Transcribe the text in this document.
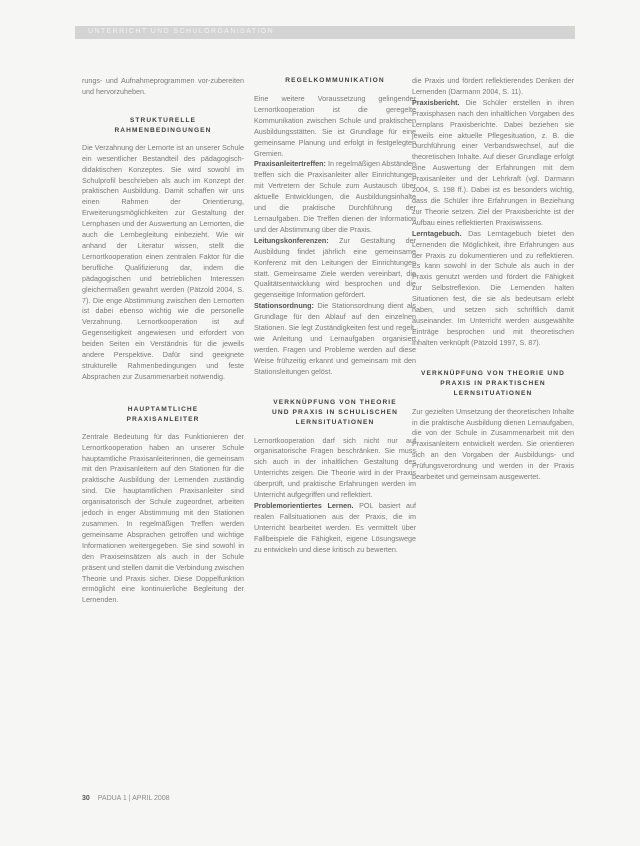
UNTERRICHT UND SCHULORGANISATION

rungs- und Aufnahmeprogrammen vor-zubereiten und hervorzuheben.

STRUKTURELLE RAHMENBEDINGUNGEN

Die Verzahnung der Lernorte ist an unserer Schule ein wesentlicher Bestandteil des pädagogisch-didaktischen Konzeptes. Sie wird sowohl im Schulprofil beschrieben als auch im Konzept der praktischen Ausbildung. Damit schaffen wir uns einen Rahmen der Orientierung, Erweiterungsmöglichkeiten zur Gestaltung der Lernphasen und der Auswertung an Lernorten, die auch die Lernbegleitung einbezieht. Wie wir anhand der Literatur wissen, stellt die Lernortkooperation einen zentralen Faktor für die berufliche Qualifizierung dar, indem die pädagogischen und betrieblichen Interessen gleichermaßen gewahrt werden (Pätzold 2004, S. 7). Die enge Abstimmung zwischen den Lernorten ist dabei ebenso wichtig wie die personelle Verzahnung. Lernortkooperation ist auf Gegenseitigkeit angewiesen und erfordert von beiden Seiten ein Verständnis für die jeweils andere Perspektive. Dafür sind geeignete strukturelle Rahmenbedingungen und feste Absprachen zur Zusammenarbeit notwendig.

HAUPTAMTLICHE PRAXISANLEITER

Zentrale Bedeutung für das Funktionieren der Lernortkooperation haben an unserer Schule hauptamtliche Praxisanleiterinnen, die gemeinsam mit den Praxisanleitern auf den Stationen für die praktische Ausbildung der Lernenden zuständig sind. Die hauptamtlichen Praxisanleiter sind organisatorisch der Schule zugeordnet, arbeiten jedoch in enger Abstimmung mit den Stationen zusammen. In regelmäßigen Treffen werden gemeinsame Absprachen getroffen und wichtige Informationen weitergegeben. Sie sind sowohl in den Praxiseinsätzen als auch in der Schule präsent und stellen damit die Verbindung zwischen Theorie und Praxis sicher. Diese Doppelfunktion ermöglicht eine kontinuierliche Begleitung der Lernenden.

REGELKOMMUNIKATION

Eine weitere Voraussetzung gelingender Lernortkooperation ist die geregelte Kommunikation zwischen Schule und praktischen Ausbildungsstätten. Sie ist Grundlage für eine gemeinsame Planung und erfolgt in festgelegten Gremien.

Praxisanleitertreffen: In regelmäßigen Abständen treffen sich die Praxisanleiter aller Einrichtungen mit Vertretern der Schule zum Austausch über aktuelle Entwicklungen, die Ausbildungsinhalte und die praktische Durchführung der Lernaufgaben. Die Treffen dienen der Information und der Abstimmung über die Praxis.

Leitungskonferenzen: Zur Gestaltung der Ausbildung findet jährlich eine gemeinsame Konferenz mit den Leitungen der Einrichtungen statt. Gemeinsame Ziele werden vereinbart, die Qualitätsentwicklung wird besprochen und die gegenseitige Information gefördert.

Stationsordnung: Die Stationsordnung dient als Grundlage für den Ablauf auf den einzelnen Stationen. Sie legt Zuständigkeiten fest und regelt, wie Anleitung und Lernaufgaben organisiert werden. Fragen und Probleme werden auf diese Weise frühzeitig erkannt und gemeinsam mit den Stationsleitungen gelöst.

VERKNÜPFUNG VON THEORIE UND PRAXIS IN SCHULISCHEN LERNSITUATIONEN

Lernortkooperation darf sich nicht nur auf organisatorische Fragen beschränken. Sie muss sich auch in der inhaltlichen Gestaltung des Unterrichts zeigen. Die Theorie wird in der Praxis überprüft, und praktische Erfahrungen werden im Unterricht aufgegriffen und reflektiert.

Problemorientiertes Lernen. POL basiert auf realen Fallsituationen aus der Praxis, die im Unterricht bearbeitet werden. Es vermittelt über Fallbeispiele die Fähigkeit, eigene Lösungswege zu entwickeln und diese kritisch zu bewerten.

die Praxis und fördert reflektierendes Denken der Lernenden (Darmann 2004, S. 11).

Praxisbericht. Die Schüler erstellen in ihren Praxisphasen nach den inhaltlichen Vorgaben des Lernplans Praxisberichte. Dabei beziehen sie jeweils eine aktuelle Pflegesituation, z. B. die Durchführung einer Verbandswechsel, auf die theoretischen Inhalte. Auf dieser Grundlage erfolgt eine Auswertung der Erfahrungen mit dem Praxisanleiter und der Lehrkraft (vgl. Darmann 2004, S. 198 ff.). Dabei ist es besonders wichtig, dass die Schüler ihre Erfahrungen in Beziehung zur Theorie setzen. Ziel der Praxisberichte ist der Aufbau eines reflektierten Praxiswissens.

Lerntagebuch. Das Lerntagebuch bietet den Lernenden die Möglichkeit, ihre Erfahrungen aus der Praxis zu dokumentieren und zu reflektieren. Es kann sowohl in der Schule als auch in der Praxis genutzt werden und fördert die Fähigkeit zur Selbstreflexion. Die Lernenden halten Situationen fest, die sie als bedeutsam erlebt haben, und setzen sich schriftlich damit auseinander. Im Unterricht werden ausgewählte Einträge besprochen und mit theoretischen Inhalten verknüpft (Pätzold 1997, S. 87).

VERKNÜPFUNG VON THEORIE UND PRAXIS IN PRAKTISCHEN LERNSITUATIONEN

Zur gezielten Umsetzung der theoretischen Inhalte in die praktische Ausbildung dienen Lernaufgaben, die von der Schule in Zusammenarbeit mit den Praxisanleitern entwickelt werden. Sie orientieren sich an den Vorgaben der Ausbildungs- und Prüfungsverordnung und werden in der Praxis bearbeitet und gemeinsam ausgewertet.

30 PADUA 1 | APRIL 2008
